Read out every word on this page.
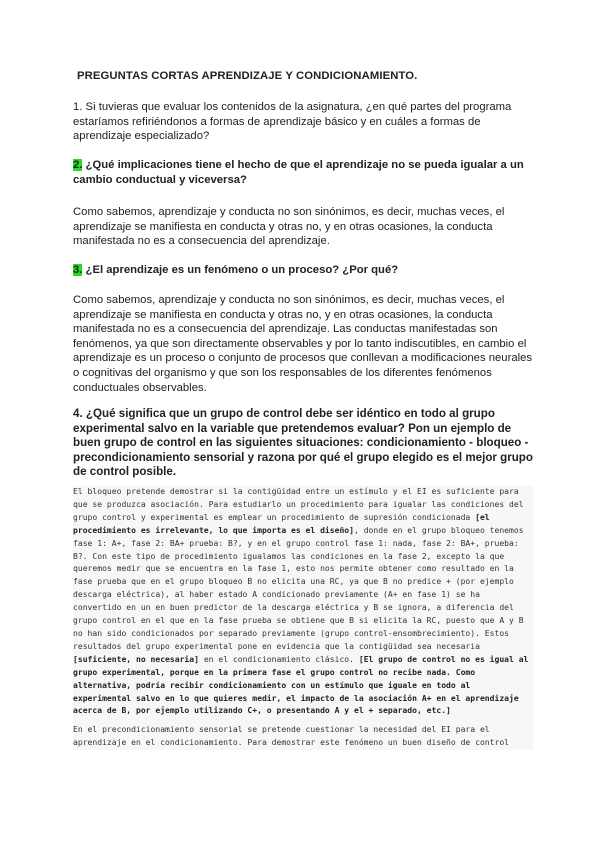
PREGUNTAS CORTAS APRENDIZAJE Y CONDICIONAMIENTO.
1. Si tuvieras que evaluar los contenidos de la asignatura, ¿en qué partes del programa estaríamos refiriéndonos a formas de aprendizaje básico y en cuáles a formas de aprendizaje especializado?
2. ¿Qué implicaciones tiene el hecho de que el aprendizaje no se pueda igualar a un cambio conductual y viceversa?
Como sabemos, aprendizaje y conducta no son sinónimos, es decir, muchas veces, el aprendizaje se manifiesta en conducta y otras no, y en otras ocasiones, la conducta manifestada no es a consecuencia del aprendizaje.
3. ¿El aprendizaje es un fenómeno o un proceso? ¿Por qué?
Como sabemos, aprendizaje y conducta no son sinónimos, es decir, muchas veces, el aprendizaje se manifiesta en conducta y otras no, y en otras ocasiones, la conducta manifestada no es a consecuencia del aprendizaje. Las conductas manifestadas son fenómenos, ya que son directamente observables y por lo tanto indiscutibles, en cambio el aprendizaje es un proceso o conjunto de procesos que conllevan a modificaciones neurales o cognitivas del organismo y que son los responsables de los diferentes fenómenos conductuales observables.
4. ¿Qué significa que un grupo de control debe ser idéntico en todo al grupo experimental salvo en la variable que pretendemos evaluar? Pon un ejemplo de buen grupo de control en las siguientes situaciones: condicionamiento - bloqueo - precondicionamiento sensorial y razona por qué el grupo elegido es el mejor grupo de control posible.

El bloqueo pretende demostrar si la contigüidad entre un estímulo y el EI es suficiente para que se produzca asociación. Para estudiarlo un procedimiento para igualar las condiciones del grupo control y experimental es emplear un procedimiento de supresión condicionada [el procedimiento es irrelevante, lo que importa es el diseño], donde en el grupo bloqueo tenemos fase 1: A+, fase 2: BA+ prueba: B?, y en el grupo control fase 1: nada, fase 2: BA+, prueba: B?. Con este tipo de procedimiento igualamos las condiciones en la fase 2, excepto la que queremos medir que se encuentra en la fase 1, esto nos permite obtener como resultado en la fase prueba que en el grupo bloqueo B no elicita una RC, ya que B no predice + (por ejemplo descarga eléctrica), al haber estado A condicionado previamente (A+ en fase 1) se ha convertido en un en buen predictor de la descarga eléctrica y B se ignora, a diferencia del grupo control en el que en la fase prueba se obtiene que B si elicita la RC, puesto que A y B no han sido condicionados por separado previamente (grupo control-ensombrecimiento). Estos resultados del grupo experimental pone en evidencia que la contigüidad sea necesaria [suficiente, no necesaria] en el condicionamiento clásico. [El grupo de control no es igual al grupo experimental, porque en la primera fase el grupo control no recibe nada. Como alternativa, podría recibir condicionamiento con un estímulo que iguale en todo al experimental salvo en lo que quieres medir, el impacto de la asociación A+ en el aprendizaje acerca de B, por ejemplo utilizando C+, o presentando A y el + separado, etc.]

En el precondicionamiento sensorial se pretende cuestionar la necesidad del EI para el aprendizaje en el condicionamiento. Para demostrar este fenómeno un buen diseño de control
